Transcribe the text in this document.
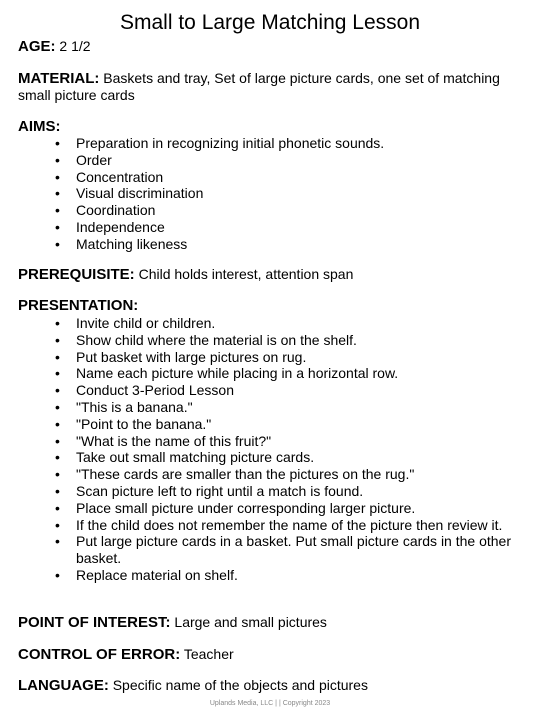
Small to Large Matching Lesson
AGE: 2 1/2
MATERIAL: Baskets and tray, Set of large picture cards, one set of matching small picture cards
AIMS:
• Preparation in recognizing initial phonetic sounds.
• Order
• Concentration
• Visual discrimination
• Coordination
• Independence
• Matching likeness
PREREQUISITE: Child holds interest, attention span
PRESENTATION:
• Invite child or children.
• Show child where the material is on the shelf.
• Put basket with large pictures on rug.
• Name each picture while placing in a horizontal row.
• Conduct 3-Period Lesson
• "This is a banana."
• "Point to the banana."
• "What is the name of this fruit?"
• Take out small matching picture cards.
• "These cards are smaller than the pictures on the rug."
• Scan picture left to right until a match is found.
• Place small picture under corresponding larger picture.
• If the child does not remember the name of the picture then review it.
• Put large picture cards in a basket. Put small picture cards in the other basket.
• Replace material on shelf.
POINT OF INTEREST: Large and small pictures
CONTROL OF ERROR: Teacher
LANGUAGE: Specific name of the objects and pictures
Uplands Media, LLC | | Copyright 2023
